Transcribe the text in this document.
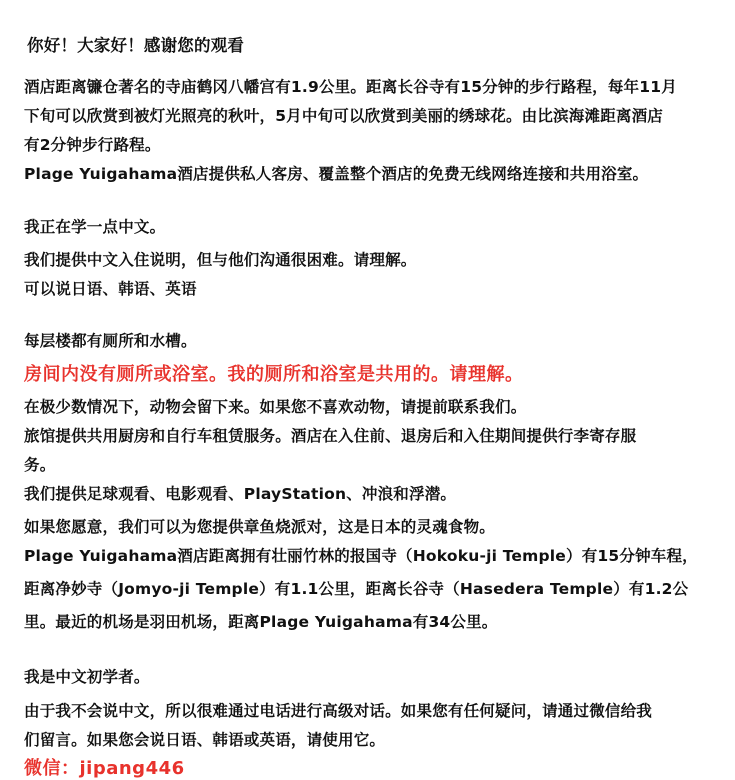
你好！大家好！感谢您的观看
酒店距离镰仓著名的寺庙鹤冈八幡宫有1.9公里。距离长谷寺有15分钟的步行路程，每年11月
下旬可以欣赏到被灯光照亮的秋叶，5月中旬可以欣赏到美丽的绣球花。由比滨海滩距离酒店
有2分钟步行路程。
Plage Yuigahama酒店提供私人客房、覆盖整个酒店的免费无线网络连接和共用浴室。
我正在学一点中文。
我们提供中文入住说明，但与他们沟通很困难。请理解。
可以说日语、韩语、英语
每层楼都有厕所和水槽。
房间内没有厕所或浴室。我的厕所和浴室是共用的。请理解。
在极少数情况下，动物会留下来。如果您不喜欢动物，请提前联系我们。
旅馆提供共用厨房和自行车租赁服务。酒店在入住前、退房后和入住期间提供行李寄存服
务。
我们提供足球观看、电影观看、PlayStation、冲浪和浮潜。
如果您愿意，我们可以为您提供章鱼烧派对，这是日本的灵魂食物。
Plage Yuigahama酒店距离拥有壮丽竹林的报国寺（Hokoku-ji Temple）有15分钟车程，
距离净妙寺（Jomyo-ji Temple）有1.1公里，距离长谷寺（Hasedera Temple）有1.2公
里。最近的机场是羽田机场，距离Plage Yuigahama有34公里。
我是中文初学者。
由于我不会说中文，所以很难通过电话进行高级对话。如果您有任何疑问，请通过微信给我
们留言。如果您会说日语、韩语或英语，请使用它。
微信：jipang446
